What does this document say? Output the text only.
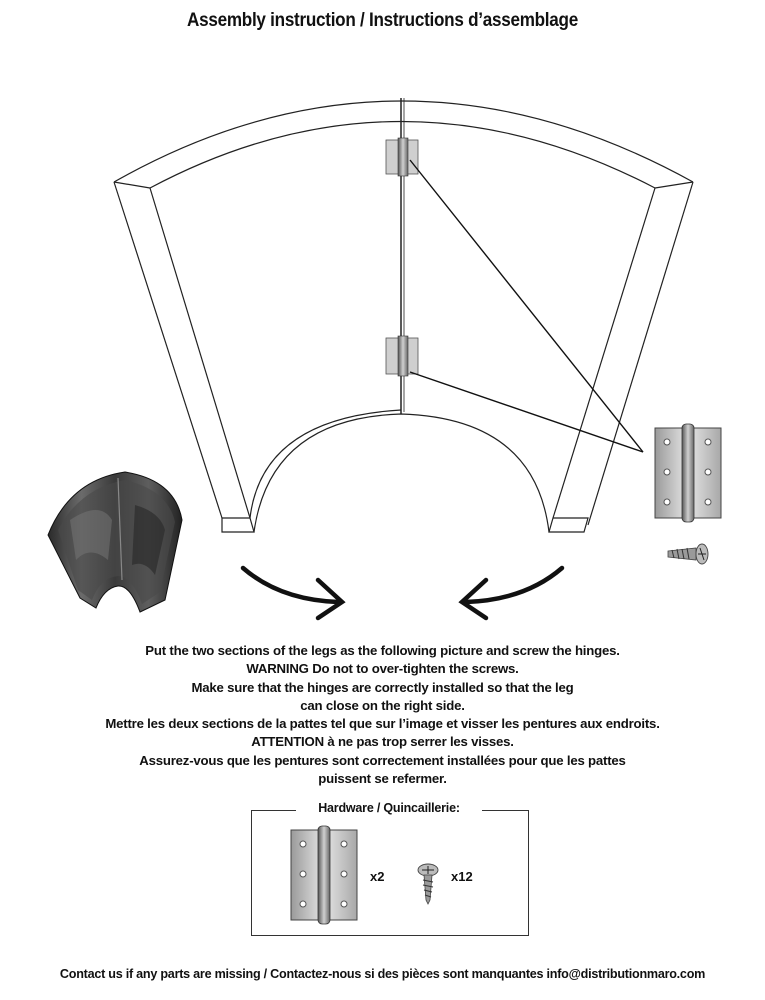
Assembly instruction / Instructions d’assemblage
Put the two sections of the legs as the following picture and screw the hinges.
WARNING Do not to over-tighten the screws.
Make sure that the hinges are correctly installed so that the leg
can close on the right side.
Mettre les deux sections de la pattes tel que sur l’image et visser les pentures aux endroits.
ATTENTION à ne pas trop serrer les visses.
Assurez-vous que les pentures sont correctement installées pour que les pattes
puissent se refermer.
Hardware / Quincaillerie:
x2	x12
Contact us if any parts are missing / Contactez-nous si des pièces sont manquantes info@distributionmaro.com
